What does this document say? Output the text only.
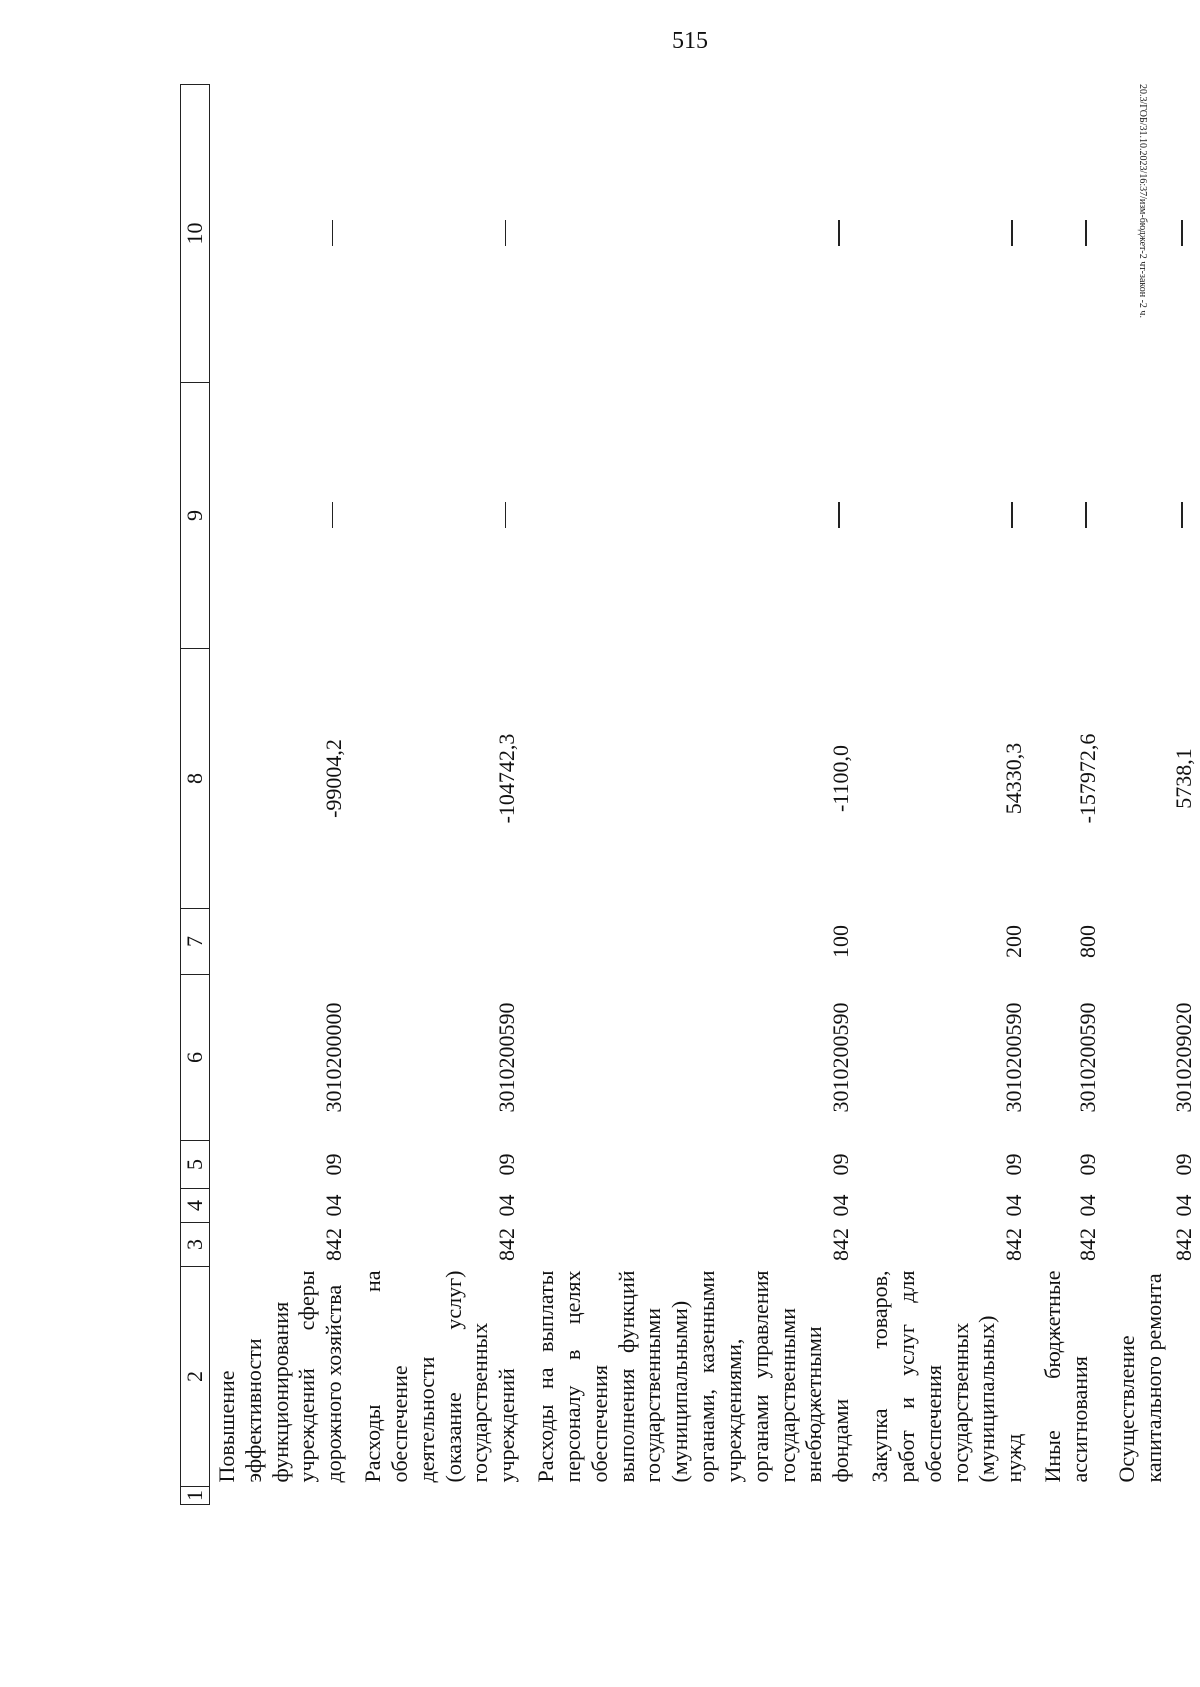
515
20.3/ГОБ/31.10.2023/16:37/изм-бюджет-2 чт-закон -2 ч.
1	2	3	4	5	6	7	8	9	10
	Повышение эффективности функционирования учреждений сферы дорожного хозяйства	842	04	09	3010200000		-99004,2		
	Расходы на обеспечение деятельности (оказание услуг) государственных учреждений	842	04	09	3010200590		-104742,3		
	Расходы на выплаты персоналу в целях обеспечения выполнения функций государственными (муниципальными) органами, казенными учреждениями, органами управления государственными внебюджетными фондами	842	04	09	3010200590	100	-1100,0		
	Закупка товаров, работ и услуг для обеспечения государственных (муниципальных) нужд	842	04	09	3010200590	200	54330,3		
	Иные бюджетные ассигнования	842	04	09	3010200590	800	-157972,6		
	Осуществление капитального ремонта	842	04	09	3010209020		5738,1		
